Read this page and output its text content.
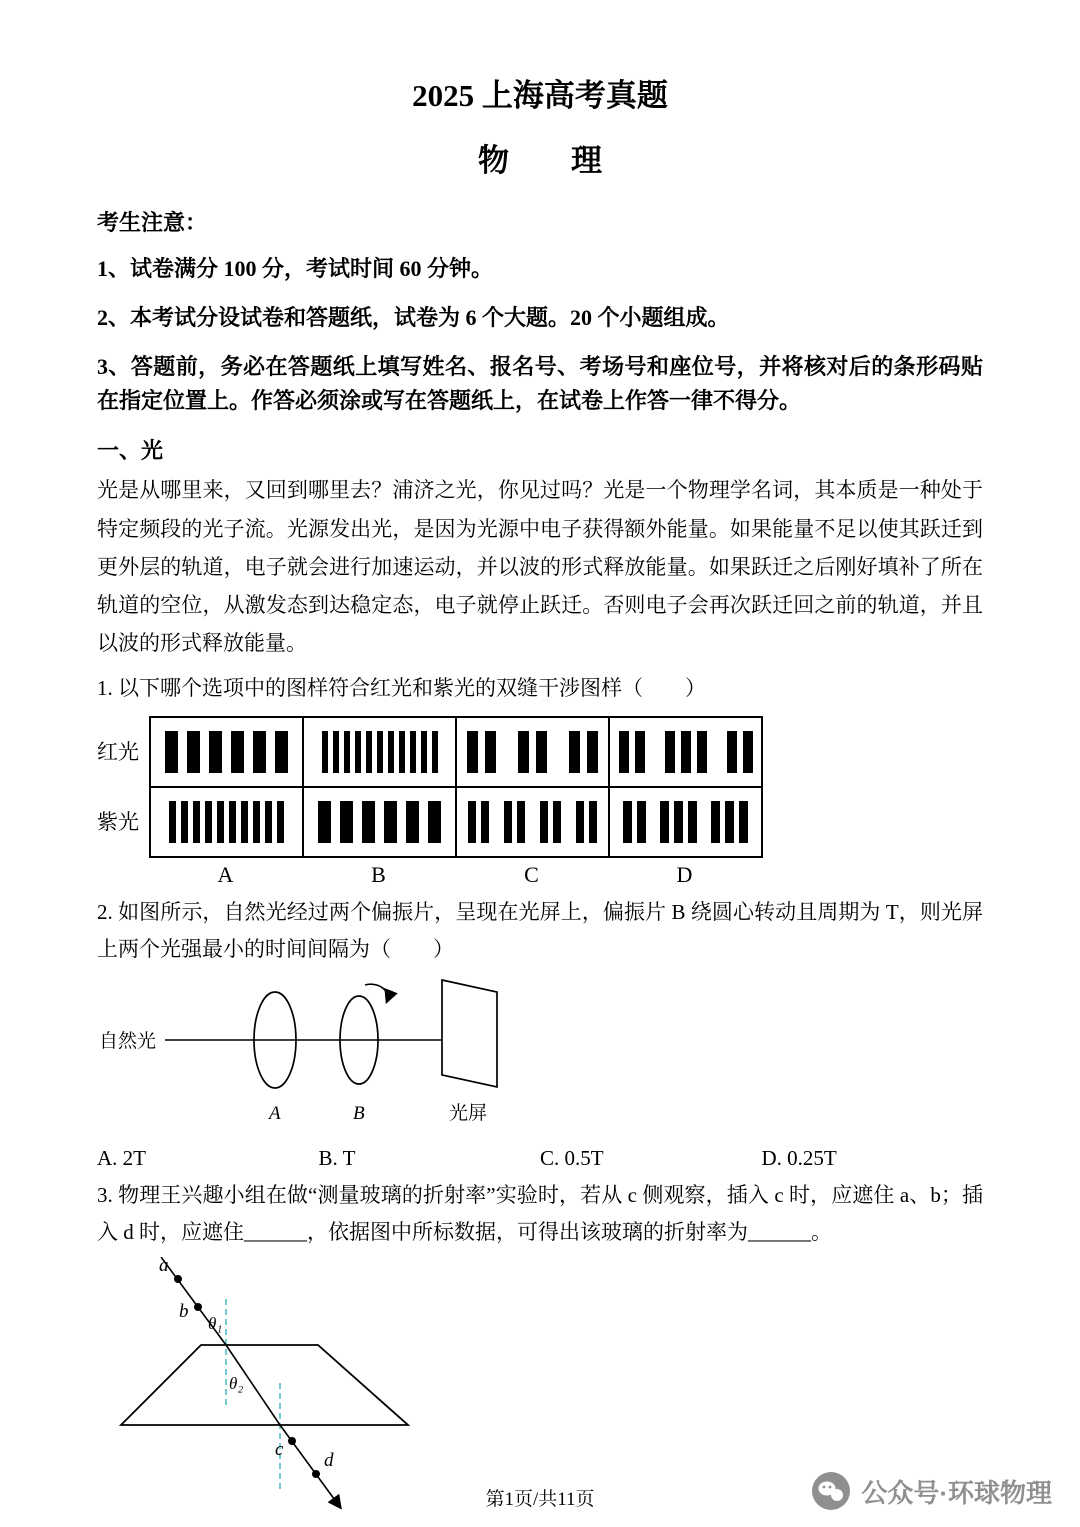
2025 上海高考真题
物　　理
考生注意：
1、试卷满分 100 分，考试时间 60 分钟。
2、本考试分设试卷和答题纸，试卷为 6 个大题。20 个小题组成。
3、答题前，务必在答题纸上填写姓名、报名号、考场号和座位号，并将核对后的条形码贴在指定位置上。作答必须涂或写在答题纸上，在试卷上作答一律不得分。
一、光
光是从哪里来，又回到哪里去？浦济之光，你见过吗？光是一个物理学名词，其本质是一种处于特定频段的光子流。光源发出光，是因为光源中电子获得额外能量。如果能量不足以使其跃迁到更外层的轨道，电子就会进行加速运动，并以波的形式释放能量。如果跃迁之后刚好填补了所在轨道的空位，从激发态到达稳定态，电子就停止跃迁。否则电子会再次跃迁回之前的轨道，并且以波的形式释放能量。
1. 以下哪个选项中的图样符合红光和紫光的双缝干涉图样（　　）
红光
紫光
A	B	C	D
2. 如图所示，自然光经过两个偏振片，呈现在光屏上，偏振片 B 绕圆心转动且周期为 T，则光屏上两个光强最小的时间间隔为（　　）
自然光
A	B	光屏
A. 2T	B. T	C. 0.5T	D. 0.25T
3. 物理王兴趣小组在做“测量玻璃的折射率”实验时，若从 c 侧观察，插入 c 时，应遮住 a、b；插入 d 时，应遮住______，依据图中所标数据，可得出该玻璃的折射率为______。
a
b
θ₁
θ₂
c
d
第1页/共11页	公众号·环球物理
